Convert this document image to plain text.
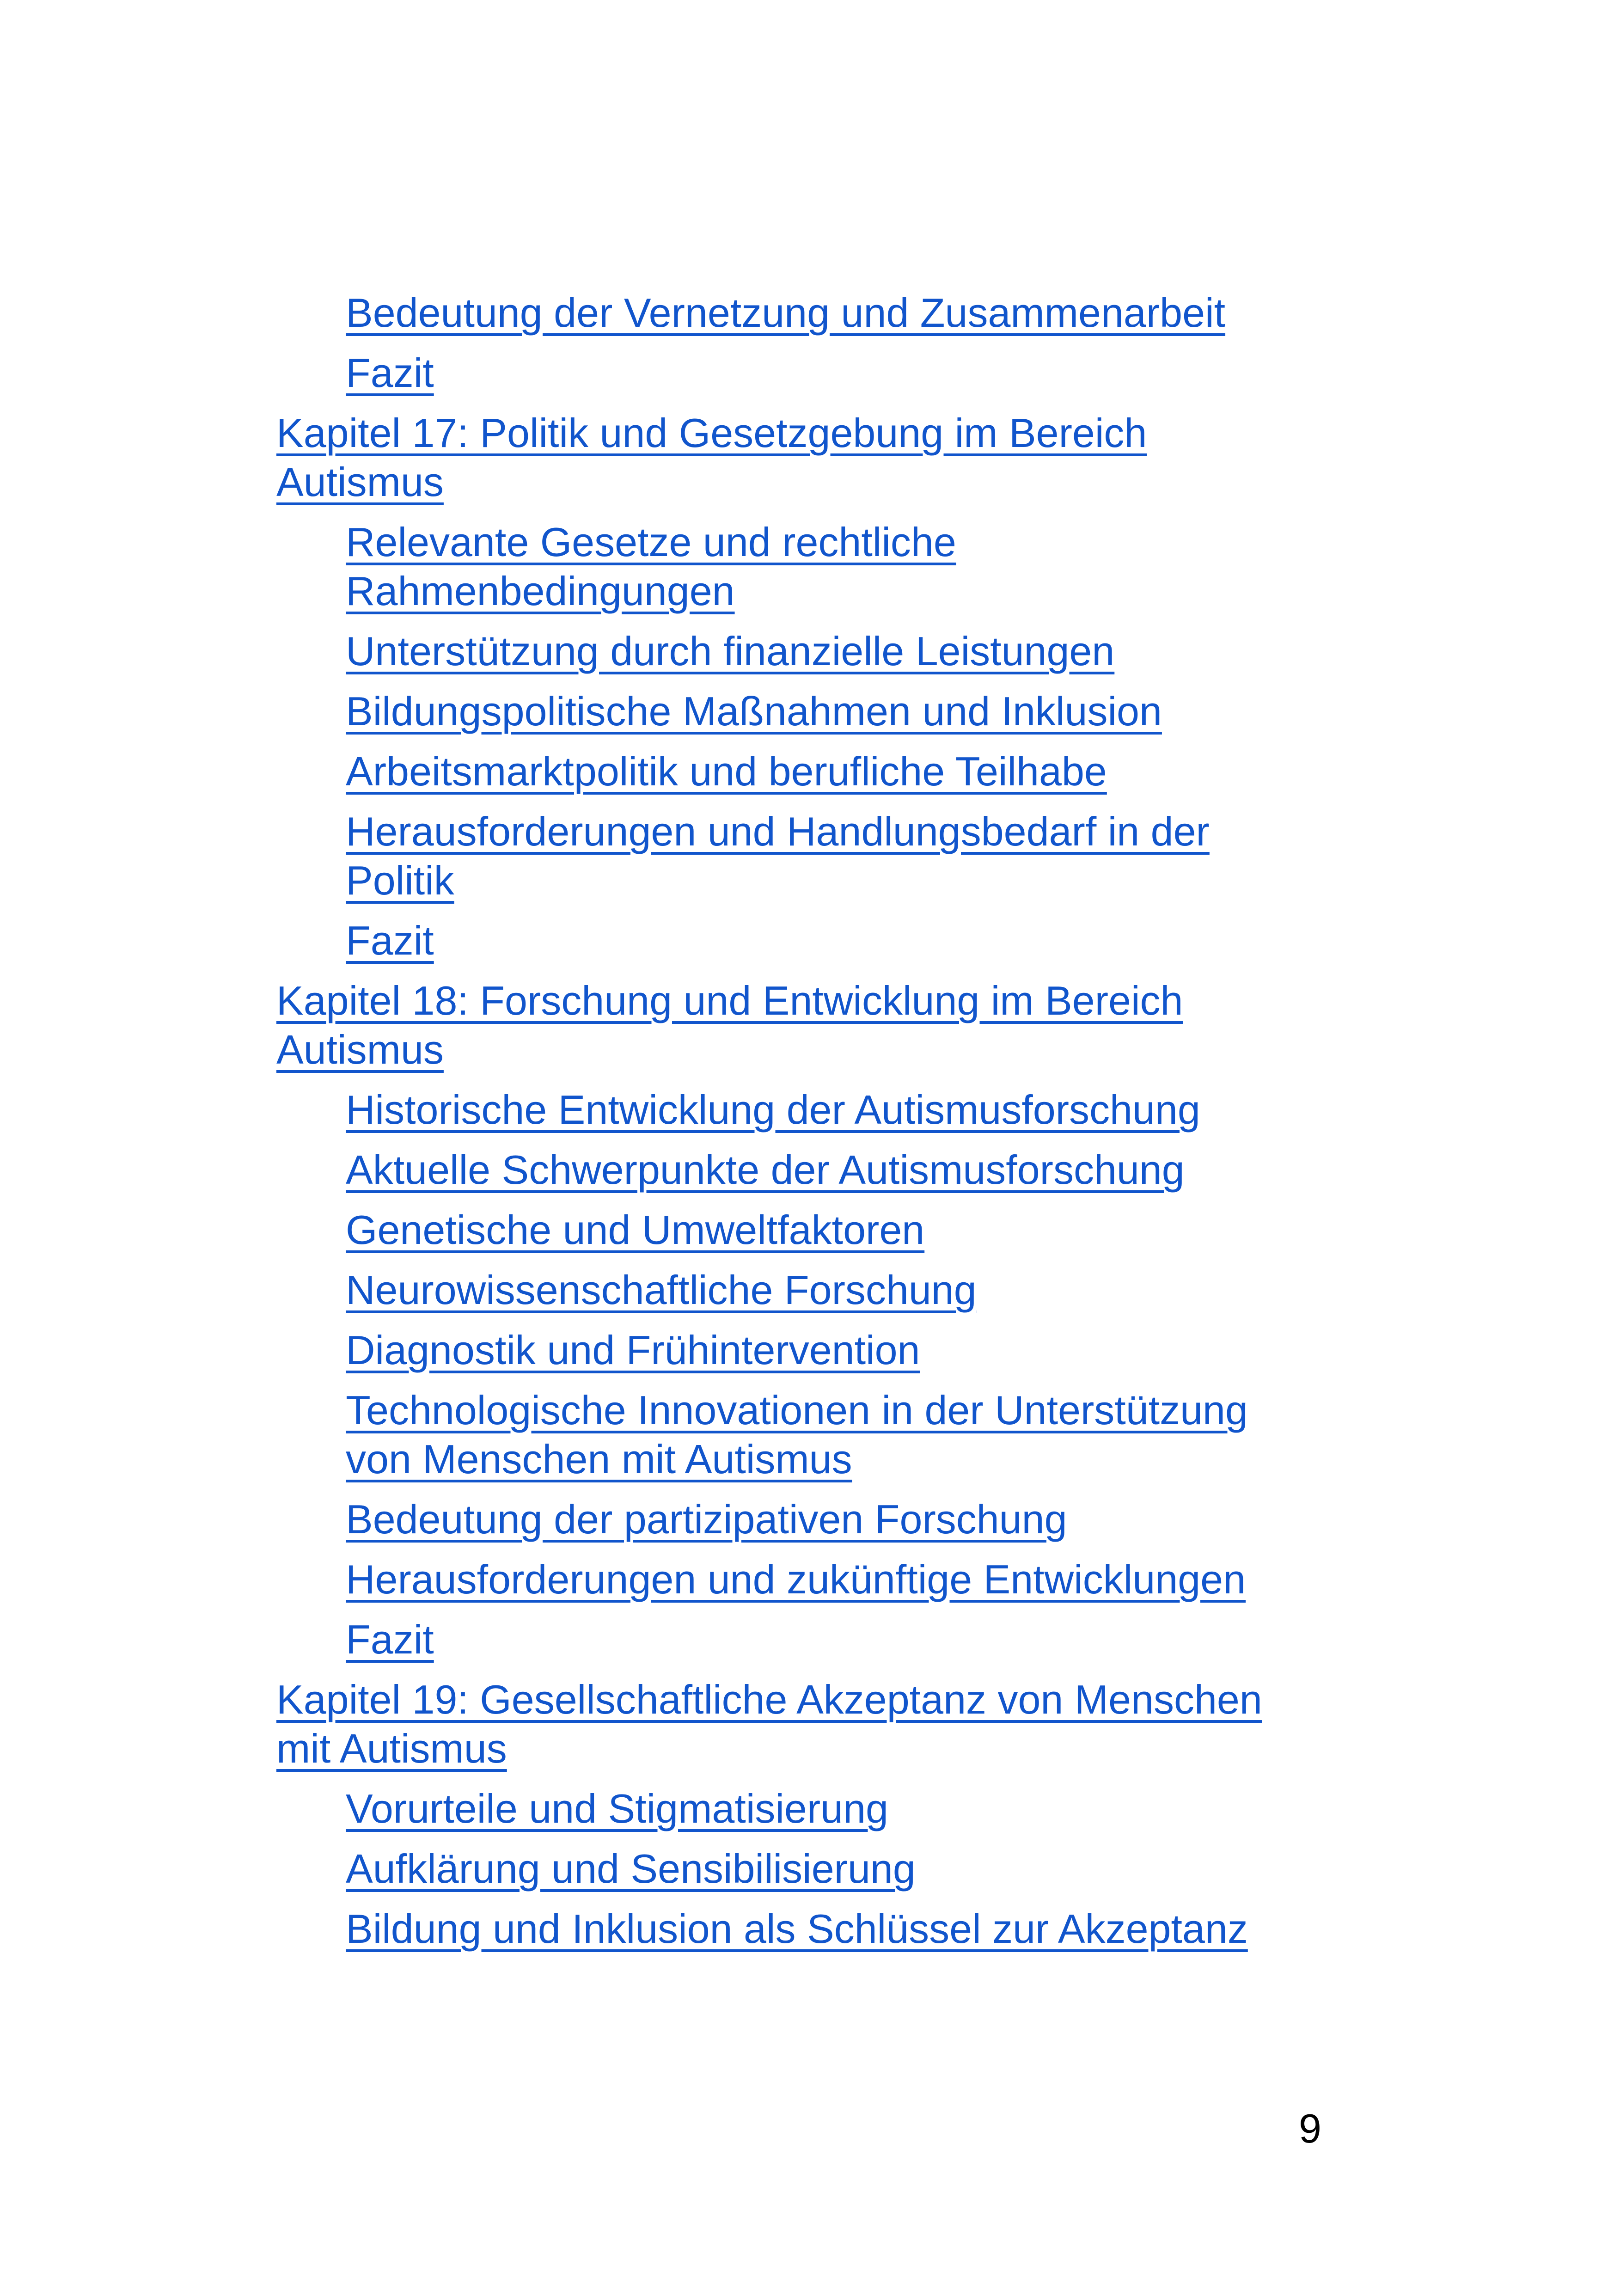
Bedeutung der Vernetzung und Zusammenarbeit
Fazit
Kapitel 17: Politik und Gesetzgebung im Bereich
Autismus
Relevante Gesetze und rechtliche
Rahmenbedingungen
Unterstützung durch finanzielle Leistungen
Bildungspolitische Maßnahmen und Inklusion
Arbeitsmarktpolitik und berufliche Teilhabe
Herausforderungen und Handlungsbedarf in der
Politik
Fazit
Kapitel 18: Forschung und Entwicklung im Bereich
Autismus
Historische Entwicklung der Autismusforschung
Aktuelle Schwerpunkte der Autismusforschung
Genetische und Umweltfaktoren
Neurowissenschaftliche Forschung
Diagnostik und Frühintervention
Technologische Innovationen in der Unterstützung
von Menschen mit Autismus
Bedeutung der partizipativen Forschung
Herausforderungen und zukünftige Entwicklungen
Fazit
Kapitel 19: Gesellschaftliche Akzeptanz von Menschen
mit Autismus
Vorurteile und Stigmatisierung
Aufklärung und Sensibilisierung
Bildung und Inklusion als Schlüssel zur Akzeptanz
9
